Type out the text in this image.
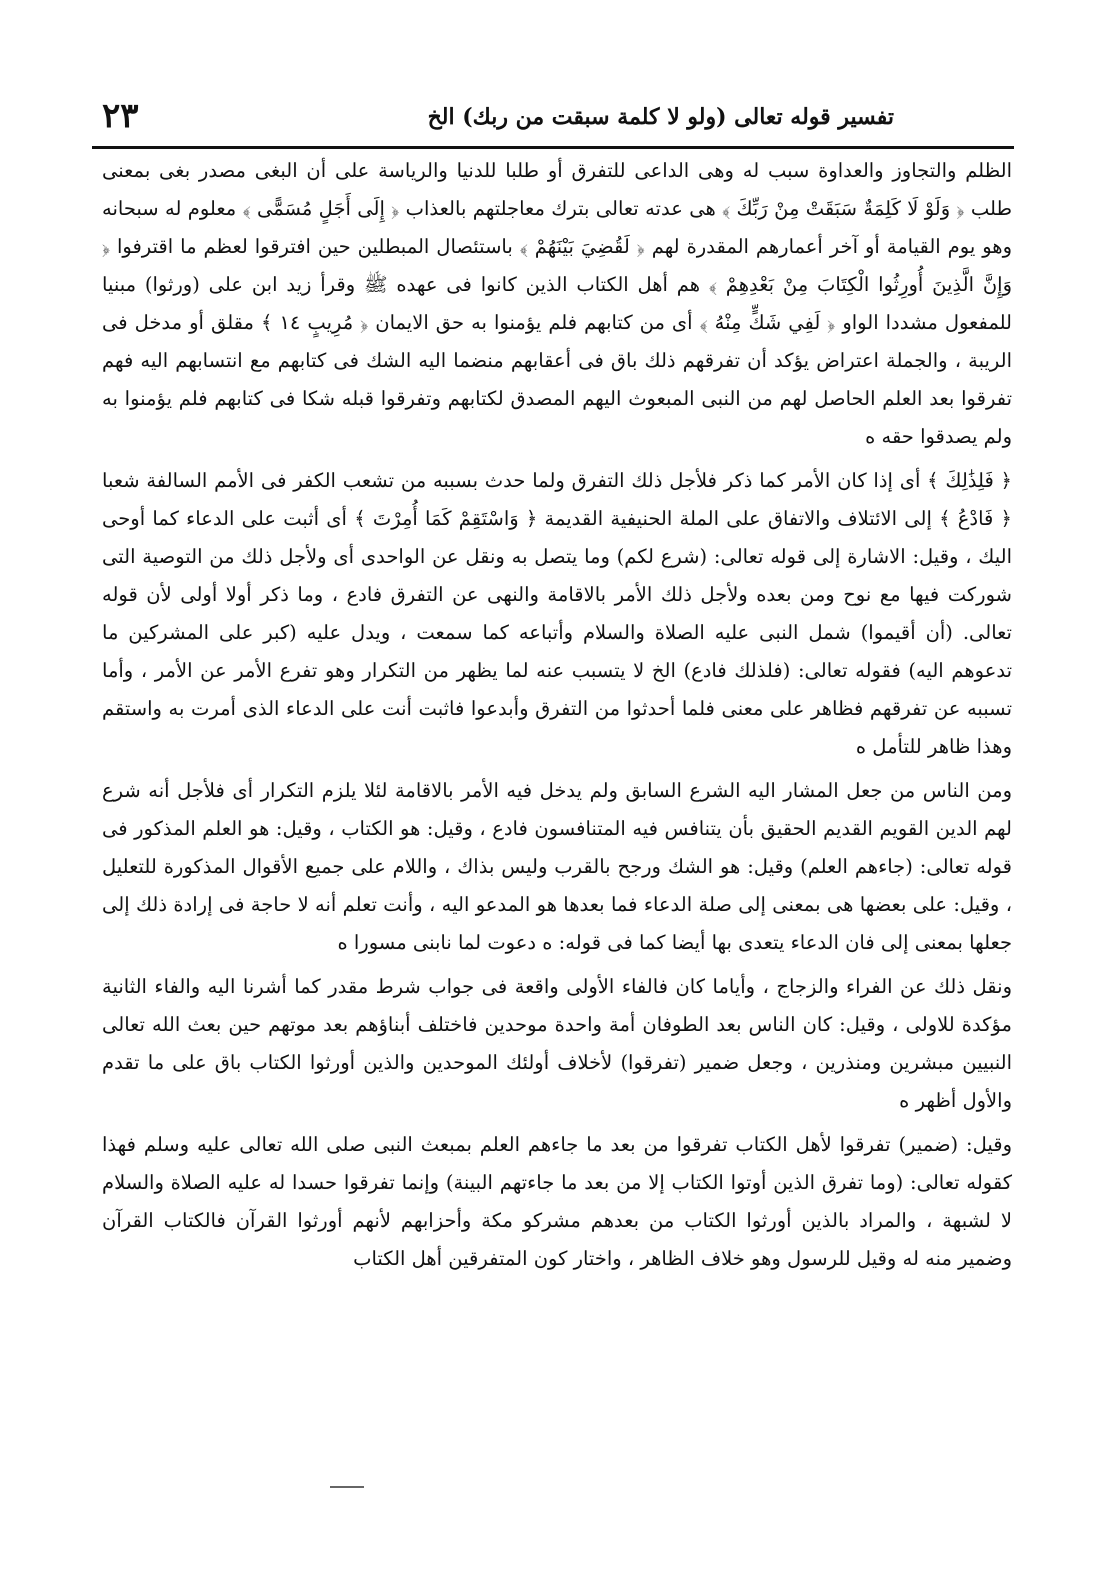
تفسير قوله تعالى (ولو لا كلمة سبقت من ربك) الخ
٢٣

الظلم والتجاوز والعداوة سبب له وهى الداعى للتفرق أو طلبا للدنيا والرياسة على أن البغى مصدر بغى بمعنى طلب ﴿ وَلَوْ لَا كَلِمَةٌ سَبَقَتْ مِنْ رَبِّكَ ﴾ هى عدته تعالى بترك معاجلتهم بالعذاب ﴿ إِلَى أَجَلٍ مُسَمًّى ﴾ معلوم له سبحانه وهو يوم القيامة أو آخر أعمارهم المقدرة لهم ﴿ لَقُضِيَ بَيْنَهُمْ ﴾ باستئصال المبطلين حين افترقوا لعظم ما اقترفوا ﴿ وَإِنَّ الَّذِينَ أُورِثُوا الْكِتَابَ مِنْ بَعْدِهِمْ ﴾ هم أهل الكتاب الذين كانوا فى عهده ﷺ وقرأ زيد ابن على (ورثوا) مبنيا للمفعول مشددا الواو ﴿ لَفِي شَكٍّ مِنْهُ ﴾ أى من كتابهم فلم يؤمنوا به حق الايمان ﴿ مُرِيبٍ ١٤ ﴾ مقلق أو مدخل فى الريبة ، والجملة اعتراض يؤكد أن تفرقهم ذلك باق فى أعقابهم منضما اليه الشك فى كتابهم مع انتسابهم اليه فهم تفرقوا بعد العلم الحاصل لهم من النبى المبعوث اليهم المصدق لكتابهم وتفرقوا قبله شكا فى كتابهم فلم يؤمنوا به ولم يصدقوا حقه ه

﴿ فَلِذَٰلِكَ ﴾ أى إذا كان الأمر كما ذكر فلأجل ذلك التفرق ولما حدث بسببه من تشعب الكفر فى الأمم السالفة شعبا ﴿ فَادْعُ ﴾ إلى الائتلاف والاتفاق على الملة الحنيفية القديمة ﴿ وَاسْتَقِمْ كَمَا أُمِرْتَ ﴾ أى أثبت على الدعاء كما أوحى اليك ، وقيل: الاشارة إلى قوله تعالى: (شرع لكم) وما يتصل به ونقل عن الواحدى أى ولأجل ذلك من التوصية التى شوركت فيها مع نوح ومن بعده ولأجل ذلك الأمر بالاقامة والنهى عن التفرق فادع ، وما ذكر أولا أولى لأن قوله تعالى. (أن أقيموا) شمل النبى عليه الصلاة والسلام وأتباعه كما سمعت ، ويدل عليه (كبر على المشركين ما تدعوهم اليه) فقوله تعالى: (فلذلك فادع) الخ لا يتسبب عنه لما يظهر من التكرار وهو تفرع الأمر عن الأمر ، وأما تسببه عن تفرقهم فظاهر على معنى فلما أحدثوا من التفرق وأبدعوا فاثبت أنت على الدعاء الذى أمرت به واستقم وهذا ظاهر للتأمل ه

ومن الناس من جعل المشار اليه الشرع السابق ولم يدخل فيه الأمر بالاقامة لئلا يلزم التكرار أى فلأجل أنه شرع لهم الدين القويم القديم الحقيق بأن يتنافس فيه المتنافسون فادع ، وقيل: هو الكتاب ، وقيل: هو العلم المذكور فى قوله تعالى: (جاءهم العلم) وقيل: هو الشك ورجح بالقرب وليس بذاك ، واللام على جميع الأقوال المذكورة للتعليل ، وقيل: على بعضها هى بمعنى إلى صلة الدعاء فما بعدها هو المدعو اليه ، وأنت تعلم أنه لا حاجة فى إرادة ذلك إلى جعلها بمعنى إلى فان الدعاء يتعدى بها أيضا كما فى قوله: ه دعوت لما نابنى مسورا ه

ونقل ذلك عن الفراء والزجاج ، وأياما كان فالفاء الأولى واقعة فى جواب شرط مقدر كما أشرنا اليه والفاء الثانية مؤكدة للاولى ، وقيل: كان الناس بعد الطوفان أمة واحدة موحدين فاختلف أبناؤهم بعد موتهم حين بعث الله تعالى النبيين مبشرين ومنذرين ، وجعل ضمير (تفرقوا) لأخلاف أولئك الموحدين والذين أورثوا الكتاب باق على ما تقدم والأول أظهر ه

وقيل: (ضمير) تفرقوا لأهل الكتاب تفرقوا من بعد ما جاءهم العلم بمبعث النبى صلى الله تعالى عليه وسلم فهذا كقوله تعالى: (وما تفرق الذين أوتوا الكتاب إلا من بعد ما جاءتهم البينة) وإنما تفرقوا حسدا له عليه الصلاة والسلام لا لشبهة ، والمراد بالذين أورثوا الكتاب من بعدهم مشركو مكة وأحزابهم لأنهم أورثوا القرآن فالكتاب القرآن وضمير منه له وقيل للرسول وهو خلاف الظاهر ، واختار كون المتفرقين أهل الكتاب
